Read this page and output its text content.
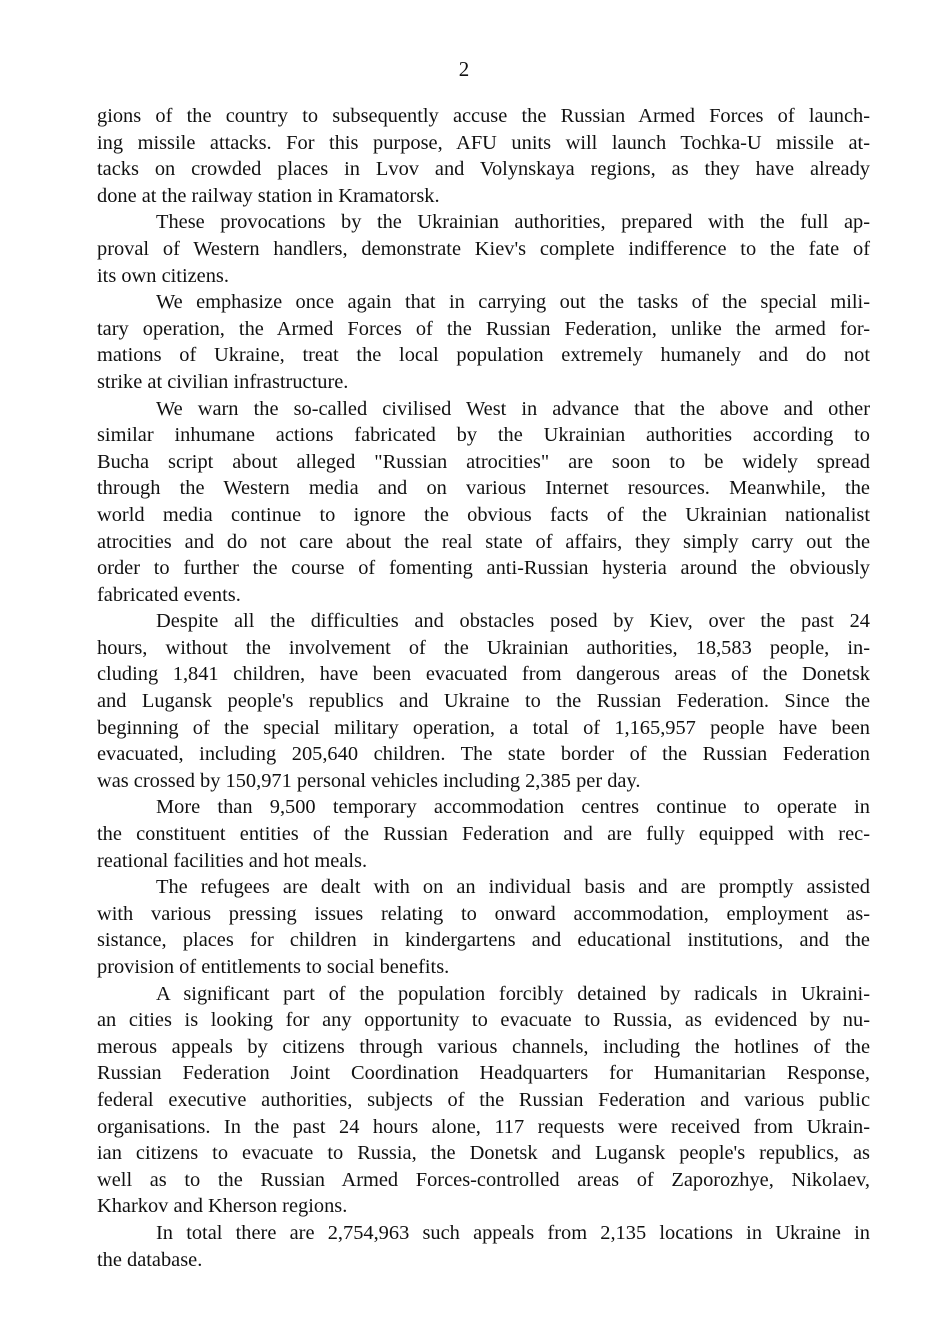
2

gions of the country to subsequently accuse the Russian Armed Forces of launch-
ing missile attacks. For this purpose, AFU units will launch Tochka-U missile at-
tacks on crowded places in Lvov and Volynskaya regions, as they have already
done at the railway station in Kramatorsk.

These provocations by the Ukrainian authorities, prepared with the full ap-
proval of Western handlers, demonstrate Kiev's complete indifference to the fate of
its own citizens.

We emphasize once again that in carrying out the tasks of the special mili-
tary operation, the Armed Forces of the Russian Federation, unlike the armed for-
mations of Ukraine, treat the local population extremely humanely and do not
strike at civilian infrastructure.

We warn the so-called civilised West in advance that the above and other
similar inhumane actions fabricated by the Ukrainian authorities according to
Bucha script about alleged "Russian atrocities" are soon to be widely spread
through the Western media and on various Internet resources. Meanwhile, the
world media continue to ignore the obvious facts of the Ukrainian nationalist
atrocities and do not care about the real state of affairs, they simply carry out the
order to further the course of fomenting anti-Russian hysteria around the obviously
fabricated events.

Despite all the difficulties and obstacles posed by Kiev, over the past 24
hours, without the involvement of the Ukrainian authorities, 18,583 people, in-
cluding 1,841 children, have been evacuated from dangerous areas of the Donetsk
and Lugansk people's republics and Ukraine to the Russian Federation. Since the
beginning of the special military operation, a total of 1,165,957 people have been
evacuated, including 205,640 children. The state border of the Russian Federation
was crossed by 150,971 personal vehicles including 2,385 per day.

More than 9,500 temporary accommodation centres continue to operate in
the constituent entities of the Russian Federation and are fully equipped with rec-
reational facilities and hot meals.

The refugees are dealt with on an individual basis and are promptly assisted
with various pressing issues relating to onward accommodation, employment as-
sistance, places for children in kindergartens and educational institutions, and the
provision of entitlements to social benefits.

A significant part of the population forcibly detained by radicals in Ukraini-
an cities is looking for any opportunity to evacuate to Russia, as evidenced by nu-
merous appeals by citizens through various channels, including the hotlines of the
Russian Federation Joint Coordination Headquarters for Humanitarian Response,
federal executive authorities, subjects of the Russian Federation and various public
organisations. In the past 24 hours alone, 117 requests were received from Ukrain-
ian citizens to evacuate to Russia, the Donetsk and Lugansk people's republics, as
well as to the Russian Armed Forces-controlled areas of Zaporozhye, Nikolaev,
Kharkov and Kherson regions.

In total there are 2,754,963 such appeals from 2,135 locations in Ukraine in
the database.
